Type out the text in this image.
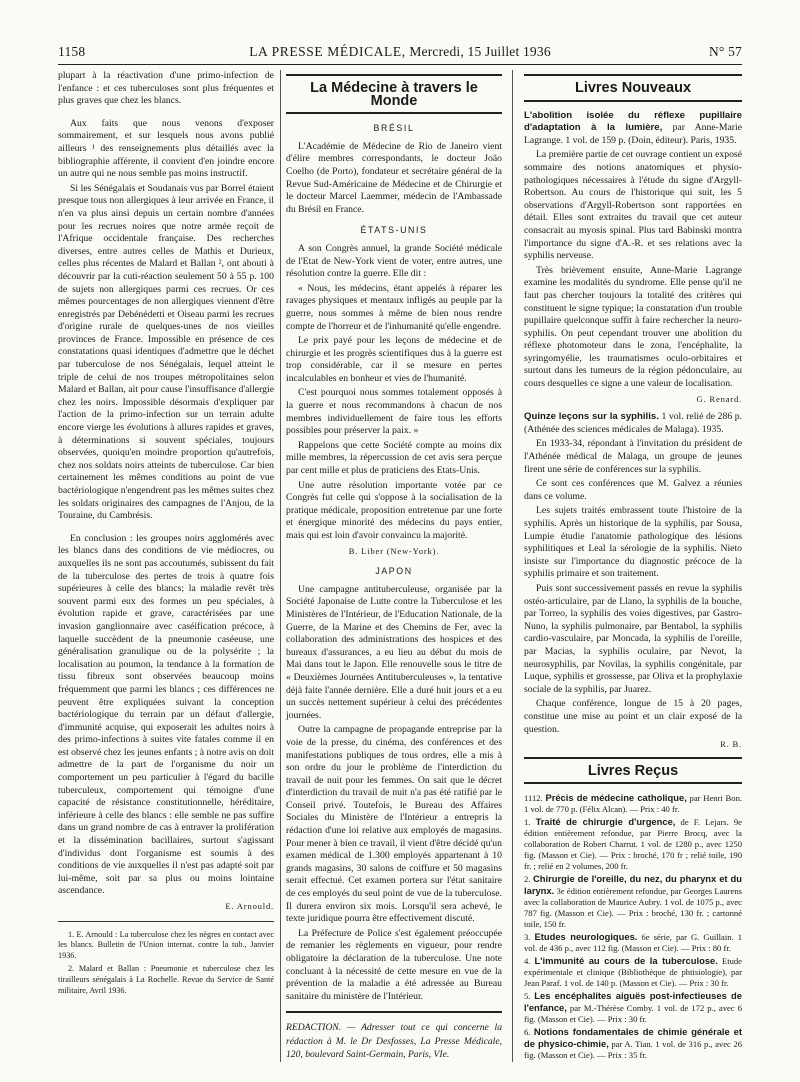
1158	LA PRESSE MÉDICALE, Mercredi, 15 Juillet 1936	N° 57

plupart à la réactivation d'une primo-infection de l'enfance : et ces tuberculoses sont plus fréquentes et plus graves que chez les blancs.

Aux faits que nous venons d'exposer sommairement, et sur lesquels nous avons publié ailleurs ¹ des renseignements plus détaillés avec la bibliographie afférente, il convient d'en joindre encore un autre qui ne nous semble pas moins instructif.

Si les Sénégalais et Soudanais vus par Borrel étaient presque tous non allergiques à leur arrivée en France, il n'en va plus ainsi depuis un certain nombre d'années pour les recrues noires que notre armée reçoit de l'Afrique occidentale française. Des recherches diverses, entre autres celles de Mathis et Durieux, celles plus récentes de Malard et Ballan ², ont abouti à découvrir par la cuti-réaction seulement 50 à 55 p. 100 de sujets non allergiques parmi ces recrues. Or ces mêmes pourcentages de non allergiques viennent d'être enregistrés par Debénédetti et Oiseau parmi les recrues d'origine rurale de quelques-unes de nos vieilles provinces de France. Impossible en présence de ces constatations quasi identiques d'admettre que le déchet par tuberculose de nos Sénégalais, lequel atteint le triple de celui de nos troupes métropolitaines selon Malard et Ballan, ait pour cause l'insuffisance d'allergie chez les noirs. Impossible désormais d'expliquer par l'action de la primo-infection sur un terrain adulte encore vierge les évolutions à allures rapides et graves, à déterminations si souvent spéciales, toujours observées, quoiqu'en moindre proportion qu'autrefois, chez nos soldats noirs atteints de tuberculose. Car bien certainement les mêmes conditions au point de vue bactériologique n'engendrent pas les mêmes suites chez les soldats originaires des campagnes de l'Anjou, de la Touraine, du Cambrésis.

En conclusion : les groupes noirs agglomérés avec les blancs dans des conditions de vie médiocres, ou auxquelles ils ne sont pas accoutumés, subissent du fait de la tuberculose des pertes de trois à quatre fois supérieures à celle des blancs; la maladie revêt très souvent parmi eux des formes un peu spéciales, à évolution rapide et grave, caractérisées par une invasion ganglionnaire avec caséification précoce, à laquelle succèdent de la pneumonie caséeuse, une généralisation granulique ou de la polysérite ; la localisation au poumon, la tendance à la formation de tissu fibreux sont observées beaucoup moins fréquemment que parmi les blancs ; ces différences ne peuvent être expliquées suivant la conception bactériologique du terrain par un défaut d'allergie, d'immunité acquise, qui exposerait les adultes noirs à des primo-infections à suites vite fatales comme il en est observé chez les jeunes enfants ; à notre avis on doit admettre de la part de l'organisme du noir un comportement un peu particulier à l'égard du bacille tuberculeux, comportement qui témoigne d'une capacité de résistance constitutionnelle, héréditaire, inférieure à celle des blancs : elle semble ne pas suffire dans un grand nombre de cas à entraver la prolifération et la dissémination bacillaires, surtout s'agissant d'individus dont l'organisme est soumis à des conditions de vie auxquelles il n'est pas adapté soit par lui-même, soit par sa plus ou moins lointaine ascendance.

E. Arnould.

1. E. Arnould : La tuberculose chez les nègres en contact avec les blancs. Bulletin de l'Union internat. contre la tub., Janvier 1936.

2. Malard et Ballan : Pneumonie et tuberculose chez les tirailleurs sénégalais à La Rochelle. Revue du Service de Santé militaire, Avril 1936.

La Médecine à travers le Monde
BRÉSIL

L'Académie de Médecine de Rio de Janeiro vient d'élire membres correspondants, le docteur João Coelho (de Porto), fondateur et secrétaire général de la Revue Sud-Américaine de Médecine et de Chirurgie et le docteur Marcel Laemmer, médecin de l'Ambassade du Brésil en France.

ÉTATS-UNIS

A son Congrès annuel, la grande Société médicale de l'Etat de New-York vient de voter, entre autres, une résolution contre la guerre. Elle dit :

« Nous, les médecins, étant appelés à réparer les ravages physiques et mentaux infligés au peuple par la guerre, nous sommes à même de bien nous rendre compte de l'horreur et de l'inhumanité qu'elle engendre.

Le prix payé pour les leçons de médecine et de chirurgie et les progrès scientifiques dus à la guerre est trop considérable, car il se mesure en pertes incalculables en bonheur et vies de l'humanité.

C'est pourquoi nous sommes totalement opposés à la guerre et nous recommandons à chacun de nos membres individuellement de faire tous les efforts possibles pour préserver la paix. »

Rappelons que cette Société compte au moins dix mille membres, la répercussion de cet avis sera perçue par cent mille et plus de praticiens des Etats-Unis.

Une autre résolution importante votée par ce Congrès fut celle qui s'oppose à la socialisation de la pratique médicale, proposition entretenue par une forte et énergique minorité des médecins du pays entier, mais qui est loin d'avoir convaincu la majorité.

B. Liber (New-York).
JAPON

Une campagne antituberculeuse, organisée par la Société Japonaise de Lutte contre la Tuberculose et les Ministères de l'Intérieur, de l'Education Nationale, de la Guerre, de la Marine et des Chemins de Fer, avec la collaboration des administrations des hospices et des bureaux d'assurances, a eu lieu au début du mois de Mai dans tout le Japon. Elle renouvelle sous le titre de « Deuxièmes Journées Antituberculeuses », la tentative déjà faite l'année dernière. Elle a duré huit jours et a eu un succès nettement supérieur à celui des précédentes journées.

Outre la campagne de propagande entreprise par la voie de la presse, du cinéma, des conférences et des manifestations publiques de tous ordres, elle a mis à son ordre du jour le problème de l'interdiction du travail de nuit pour les femmes. On sait que le décret d'interdiction du travail de nuit n'a pas été ratifié par le Conseil privé. Toutefois, le Bureau des Affaires Sociales du Ministère de l'Intérieur a entrepris la rédaction d'une loi relative aux employés de magasins. Pour mener à bien ce travail, il vient d'être décidé qu'un examen médical de 1.300 employés appartenant à 10 grands magasins, 30 salons de coiffure et 50 magasins serait effectué. Cet examen portera sur l'état sanitaire de ces employés du seul point de vue de la tuberculose. Il durera environ six mois. Lorsqu'il sera achevé, le texte juridique pourra être effectivement discuté.

La Préfecture de Police s'est également préoccupée de remanier les règlements en vigueur, pour rendre obligatoire la déclaration de la tuberculose. Une note concluant à la nécessité de cette mesure en vue de la prévention de la maladie a été adressée au Bureau sanitaire du ministère de l'Intérieur.

REDACTION. — Adresser tout ce qui concerne la rédaction à M. le Dr Desfosses, La Presse Médicale, 120, boulevard Saint-Germain, Paris, VIe.
Livres Nouveaux

L'abolition isolée du réflexe pupillaire d'adaptation à la lumière, par Anne-Marie Lagrange. 1 vol. de 159 p. (Doin, éditeur). Paris, 1935.

La première partie de cet ouvrage contient un exposé sommaire des notions anatomiques et physio-pathologiques nécessaires à l'étude du signe d'Argyll-Robertson. Au cours de l'historique qui suit, les 5 observations d'Argyll-Robertson sont rapportées en détail. Elles sont extraites du travail que cet auteur consacrait au myosis spinal. Plus tard Babinski montra l'importance du signe d'A.-R. et ses relations avec la syphilis nerveuse.

Très brièvement ensuite, Anne-Marie Lagrange examine les modalités du syndrome. Elle pense qu'il ne faut pas chercher toujours la totalité des critères qui constituent le signe typique; la constatation d'un trouble pupillaire quelconque suffit à faire rechercher la neuro-syphilis. On peut cependant trouver une abolition du réflexe photomoteur dans le zona, l'encéphalite, la syringomyélie, les traumatismes oculo-orbitaires et surtout dans les tumeurs de la région pédonculaire, au cours desquelles ce signe a une valeur de localisation.

G. Renard.

Quinze leçons sur la syphilis. 1 vol. relié de 286 p. (Athénée des sciences médicales de Malaga). 1935.

En 1933-34, répondant à l'invitation du président de l'Athénée médical de Malaga, un groupe de jeunes firent une série de conférences sur la syphilis.

Ce sont ces conférences que M. Galvez a réunies dans ce volume.

Les sujets traités embrassent toute l'histoire de la syphilis. Après un historique de la syphilis, par Sousa, Lumpie étudie l'anatomie pathologique des lésions syphilitiques et Leal la sérologie de la syphilis. Nieto insiste sur l'importance du diagnostic précoce de la syphilis primaire et son traitement.

Puis sont successivement passés en revue la syphilis ostéo-articulaire, par de Llano, la syphilis de la bouche, par Torreo, la syphilis des voies digestives, par Gastro-Nuno, la syphilis pulmonaire, par Bentabol, la syphilis cardio-vasculaire, par Moncada, la syphilis de l'oreille, par Macias, la syphilis oculaire, par Nevot, la neurosyphilis, par Novilas, la syphilis congénitale, par Luque, syphilis et grossesse, par Oliva et la prophylaxie sociale de la syphilis, par Juarez.

Chaque conférence, longue de 15 à 20 pages, constitue une mise au point et un clair exposé de la question.

R. B.
Livres Reçus

1112. Précis de médecine catholique, par Henri Bon. 1 vol. de 770 p. (Félix Alcan). — Prix : 40 fr.

1. Traité de chirurgie d'urgence, de F. Lejars. 9e édition entièrement refondue, par Pierre Brocq, avec la collaboration de Robert Charrut. 1 vol. de 1280 p., avec 1250 fig. (Masson et Cie). — Prix : broché, 170 fr ; relié toile, 190 fr. ; relié en 2 volumes, 200 fr.

2. Chirurgie de l'oreille, du nez, du pharynx et du larynx. 3e édition entièrement refondue, par Georges Laurens avec la collaboration de Maurice Aubry. 1 vol. de 1075 p., avec 787 fig. (Masson et Cie). — Prix : broché, 130 fr. ; cartonné toile, 150 fr.

3. Etudes neurologiques. 6e série, par G. Guillain. 1 vol. de 436 p., avec 112 fig. (Masson et Cie). — Prix : 80 fr.

4. L'immunité au cours de la tuberculose. Etude expérimentale et clinique (Bibliothèque de phtisiologie), par Jean Paraf. 1 vol. de 140 p. (Masson et Cie). — Prix : 30 fr.

5. Les encéphalites aiguës post-infectieuses de l'enfance, par M.-Thérèse Comby. 1 vol. de 172 p., avec 6 fig. (Masson et Cie). — Prix : 30 fr.

6. Notions fondamentales de chimie générale et de physico-chimie, par A. Tian. 1 vol. de 316 p., avec 26 fig. (Masson et Cie). — Prix : 35 fr.
